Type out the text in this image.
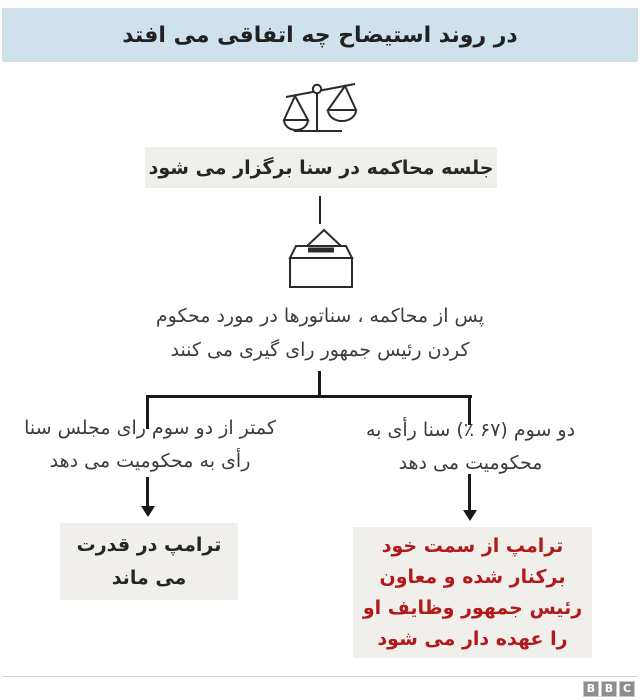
در روند استیضاح چه اتفاقی می افتد
جلسه محاکمه در سنا برگزار می شود
پس از محاکمه ، سناتورها در مورد محکوم
کردن رئیس جمهور رای گیری می کنند
کمتر از دو سوم رای مجلس سنا
رأی به محکومیت می دهد
دو سوم (۶۷ ٪) سنا رأی به
محکومیت می دهد
ترامپ در قدرت
می ماند
ترامپ از سمت خود
برکنار شده و معاون
رئیس جمهور وظایف او
را عهده دار می شود
B B C
